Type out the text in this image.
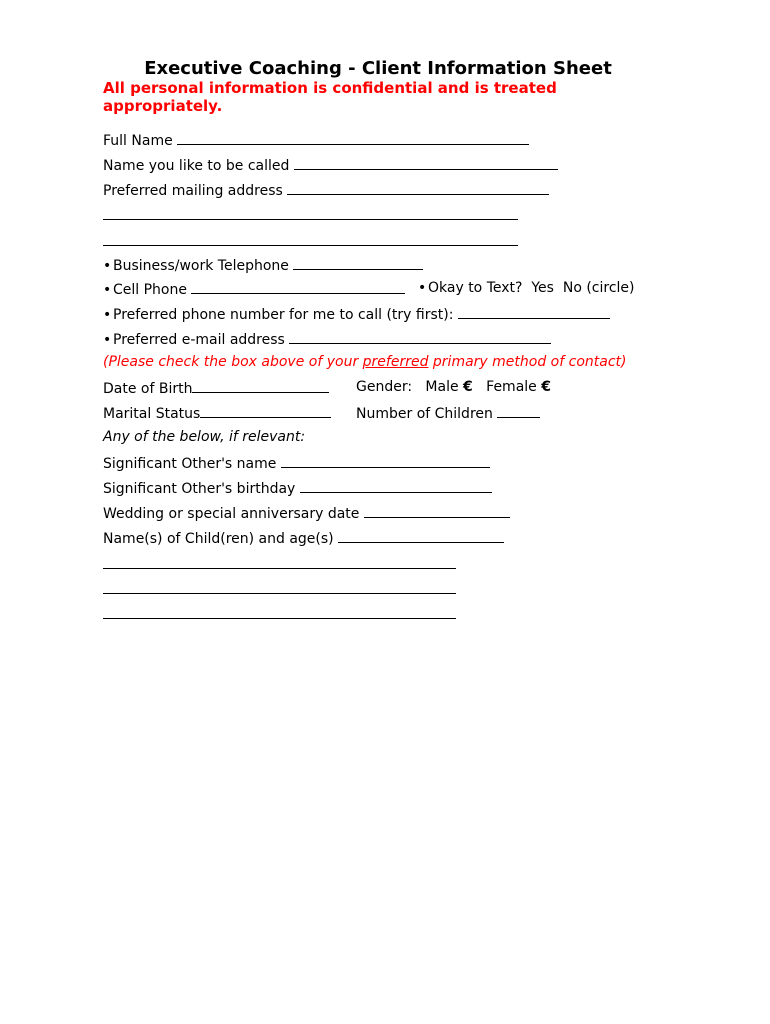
Executive Coaching - Client Information Sheet
All personal information is confidential and is treated appropriately.
Full Name
Name you like to be called
Preferred mailing address
• Business/work Telephone
• Cell Phone	• Okay to Text?  Yes  No (circle)
• Preferred phone number for me to call (try first):
• Preferred e-mail address
(Please check the box above of your preferred primary method of contact)
Date of Birth	Gender: Male € Female €
Marital Status	Number of Children
Any of the below, if relevant:
Significant Other's name
Significant Other's birthday
Wedding or special anniversary date
Name(s) of Child(ren) and age(s)
